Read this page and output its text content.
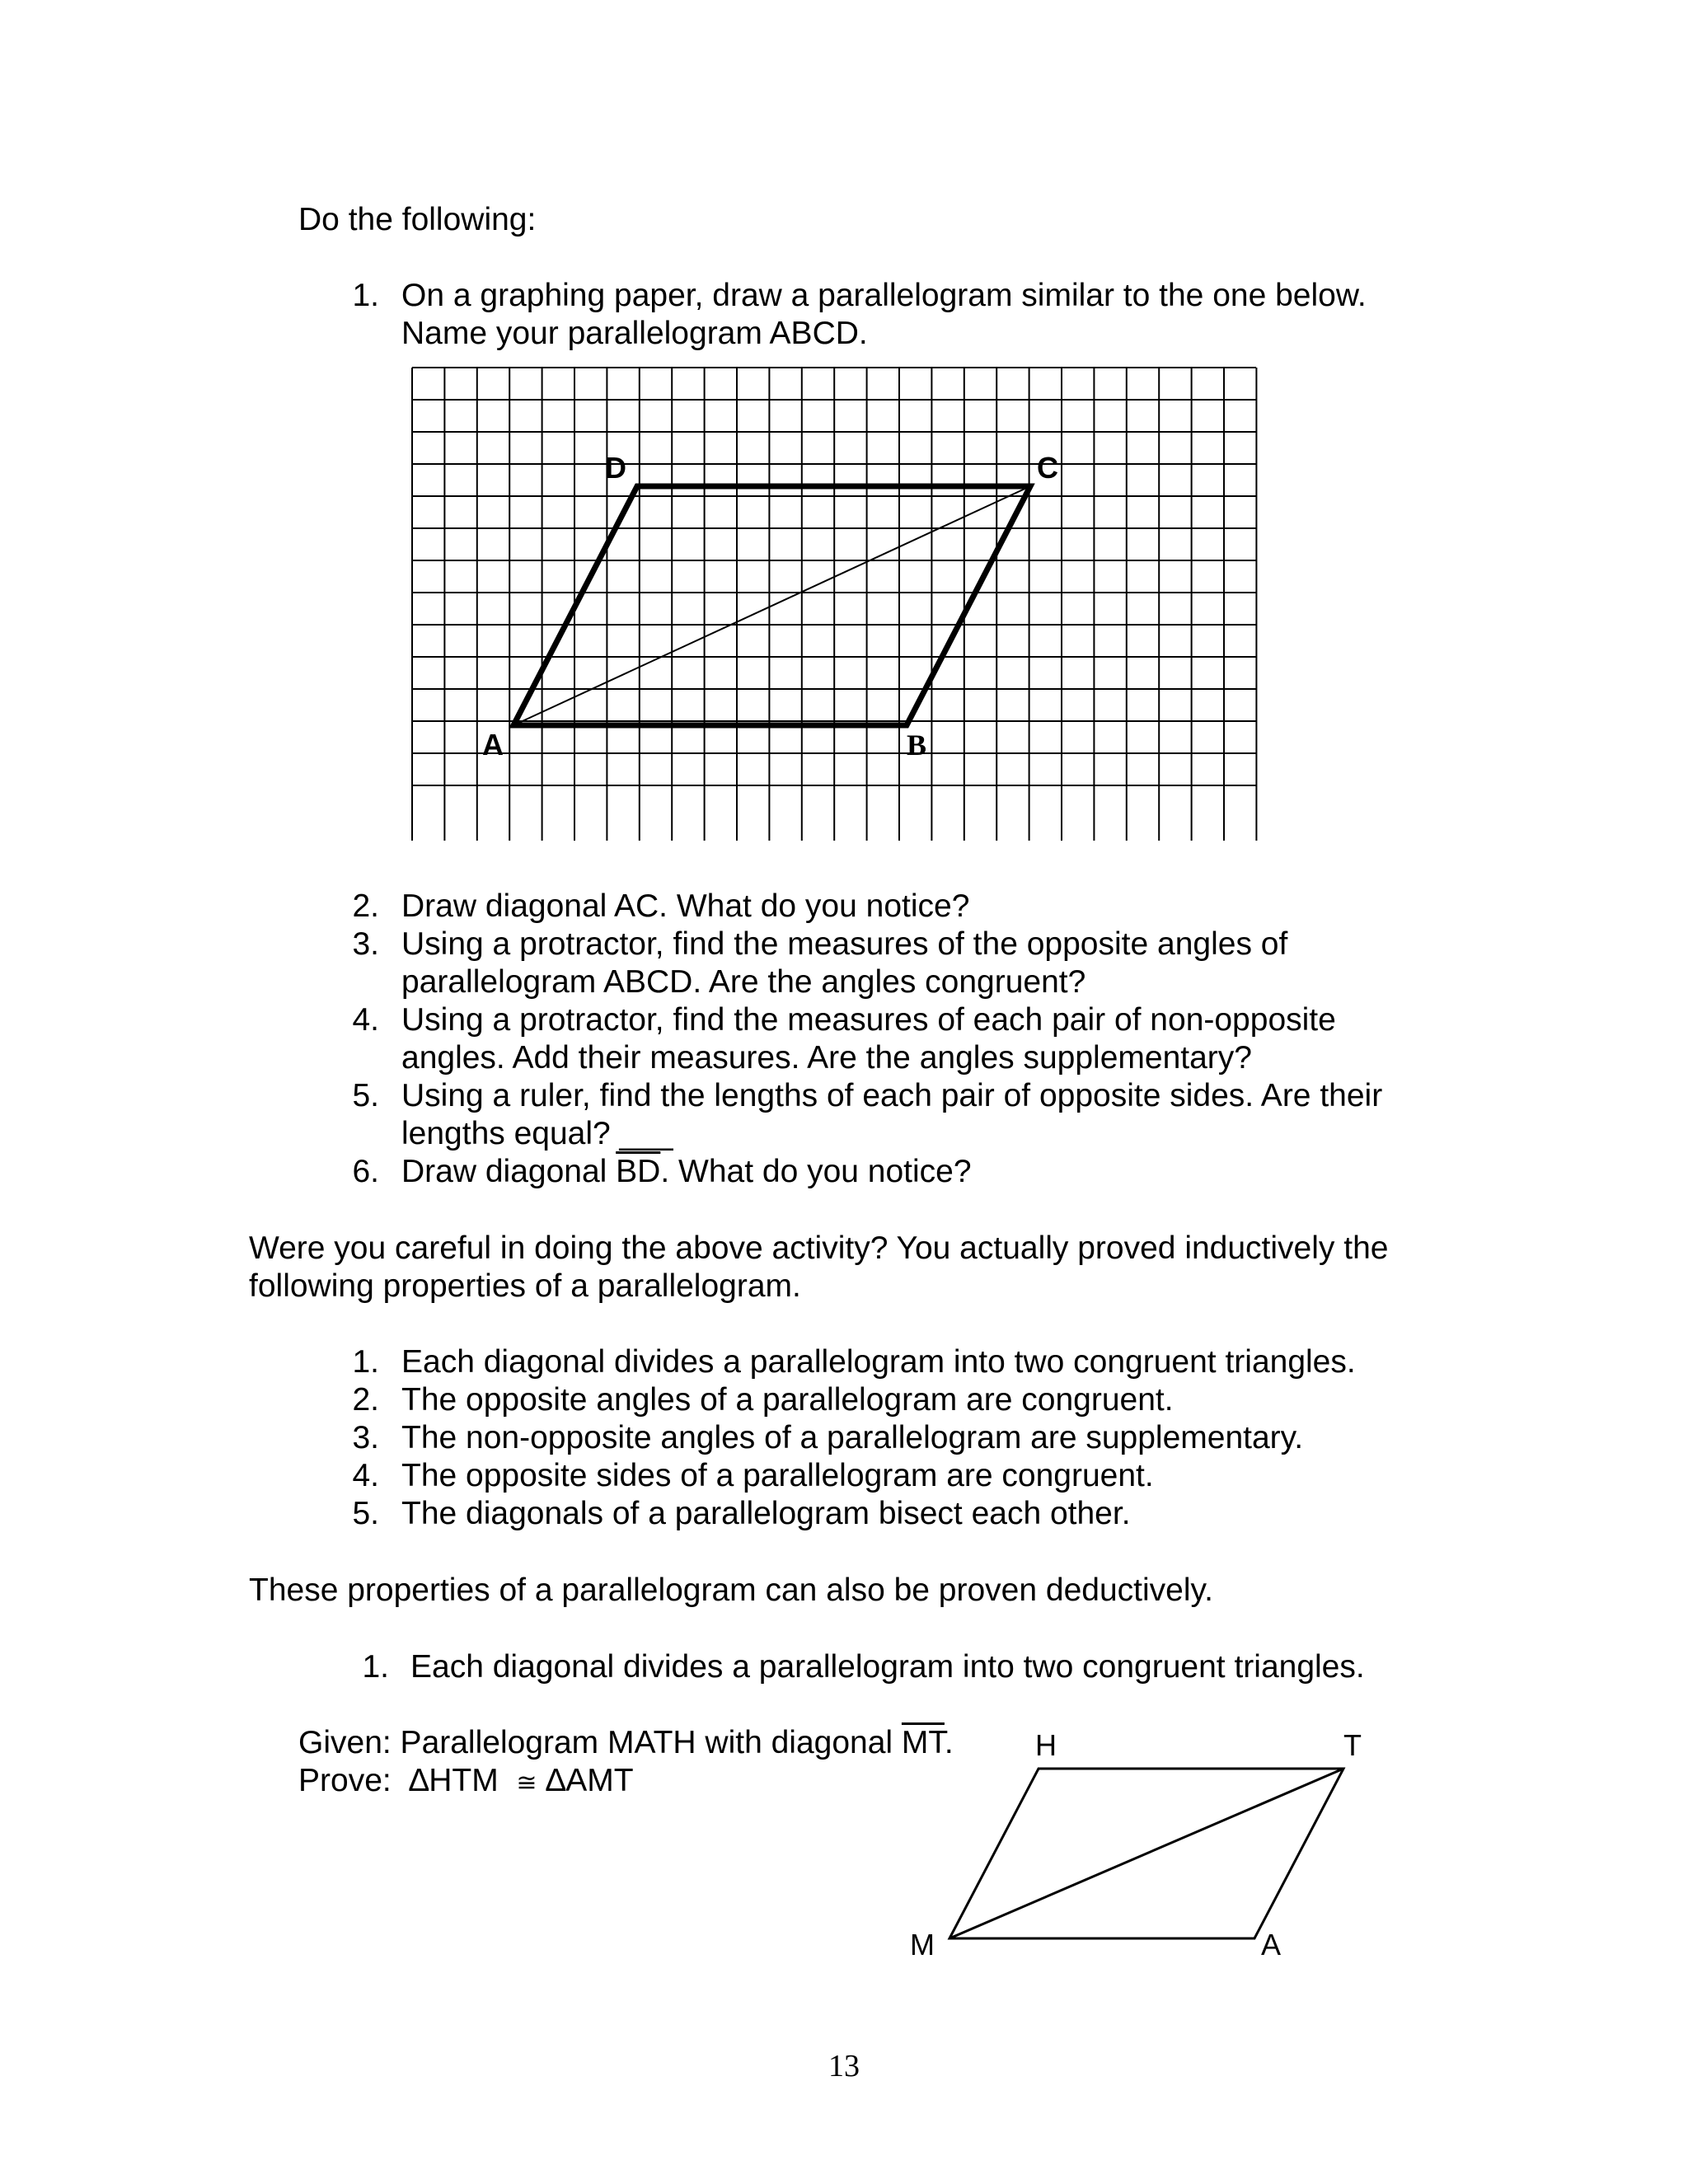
Do the following:
1. On a graphing paper, draw a parallelogram similar to the one below.
Name your parallelogram ABCD.
D	C
A	B
H	T
M	A
2. Draw diagonal AC. What do you notice?
3. Using a protractor, find the measures of the opposite angles of
parallelogram ABCD. Are the angles congruent?
4. Using a protractor, find the measures of each pair of non-opposite
angles. Add their measures. Are the angles supplementary?
5. Using a ruler, find the lengths of each pair of opposite sides. Are their
lengths equal? ___
6. Draw diagonal $\overline{BD}$. What do you notice?
Were you careful in doing the above activity? You actually proved inductively the
following properties of a parallelogram.
1. Each diagonal divides a parallelogram into two congruent triangles.
2. The opposite angles of a parallelogram are congruent.
3. The non-opposite angles of a parallelogram are supplementary.
4. The opposite sides of a parallelogram are congruent.
5. The diagonals of a parallelogram bisect each other.
These properties of a parallelogram can also be proven deductively.
1. Each diagonal divides a parallelogram into two congruent triangles.
Given: Parallelogram MATH with diagonal $\overline{MT}$.
Prove: ∆HTM ≅ ∆AMT
13
